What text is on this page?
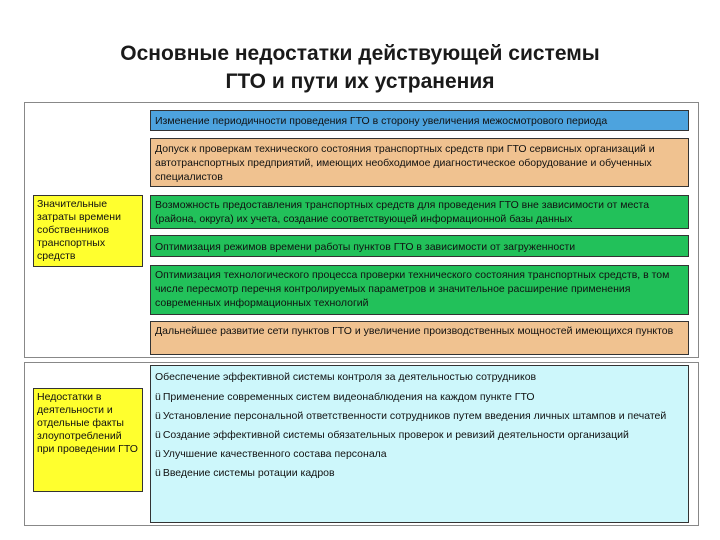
Основные недостатки действующей системы
ГТО и пути их устранения
Значительные затраты времени собственников транспортных средств
Недостатки в деятельности и отдельные факты злоупотреблений при проведении ГТО
Изменение периодичности проведения ГТО в сторону увеличения межосмотрового периода
Допуск к проверкам технического состояния транспортных средств при ГТО сервисных организаций и автотранспортных предприятий, имеющих необходимое диагностическое оборудование и обученных специалистов
Возможность предоставления транспортных средств для проведения ГТО вне зависимости от места (района, округа) их учета, создание соответствующей информационной базы данных
Оптимизация режимов времени работы пунктов ГТО в зависимости от загруженности
Оптимизация технологического процесса проверки технического состояния транспортных средств, в том числе пересмотр перечня контролируемых параметров и значительное расширение применения современных информационных технологий
Дальнейшее развитие сети пунктов ГТО и увеличение производственных мощностей имеющихся пунктов
Обеспечение эффективной системы контроля за деятельностью сотрудников
ü Применение современных систем видеонаблюдения на каждом пункте ГТО
ü Установление персональной ответственности сотрудников путем введения личных штампов и печатей
ü Создание эффективной системы обязательных проверок и ревизий деятельности организаций
ü Улучшение качественного состава персонала
ü Введение системы ротации кадров
